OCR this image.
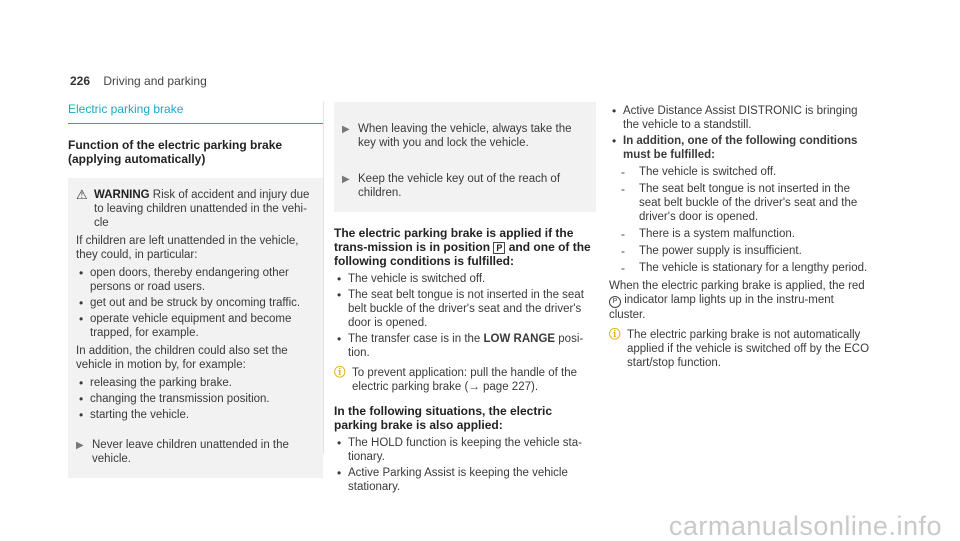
226 Driving and parking
Electric parking brake
Function of the electric parking brake (applying automatically)
⚠ WARNING Risk of accident and injury due to leaving children unattended in the vehi-cle

If children are left unattended in the vehicle, they could, in particular:

• open doors, thereby endangering other persons or road users.
• get out and be struck by oncoming traffic.
• operate vehicle equipment and become trapped, for example.

In addition, the children could also set the vehicle in motion by, for example:

• releasing the parking brake.
• changing the transmission position.
• starting the vehicle.
▶ Never leave children unattended in the vehicle.
▶ When leaving the vehicle, always take the key with you and lock the vehicle.
▶ Keep the vehicle key out of the reach of children.
The electric parking brake is applied if the trans-mission is in position P and one of the following conditions is fulfilled:
• The vehicle is switched off.
• The seat belt tongue is not inserted in the seat belt buckle of the driver's seat and the driver's door is opened.
• The transfer case is in the LOW RANGE posi-tion.
ⓘ To prevent application: pull the handle of the electric parking brake (→ page 227).
In the following situations, the electric parking brake is also applied:
• The HOLD function is keeping the vehicle sta-tionary.
• Active Parking Assist is keeping the vehicle stationary.
• Active Distance Assist DISTRONIC is bringing the vehicle to a standstill.
• In addition, one of the following conditions must be fulfilled:
- The vehicle is switched off.
- The seat belt tongue is not inserted in the seat belt buckle of the driver's seat and the driver's door is opened.
- There is a system malfunction.
- The power supply is insufficient.
- The vehicle is stationary for a lengthy period.

When the electric parking brake is applied, the red P indicator lamp lights up in the instru-ment cluster.

ⓘ The electric parking brake is not automatically applied if the vehicle is switched off by the ECO start/stop function.
carmanualsonline.info
